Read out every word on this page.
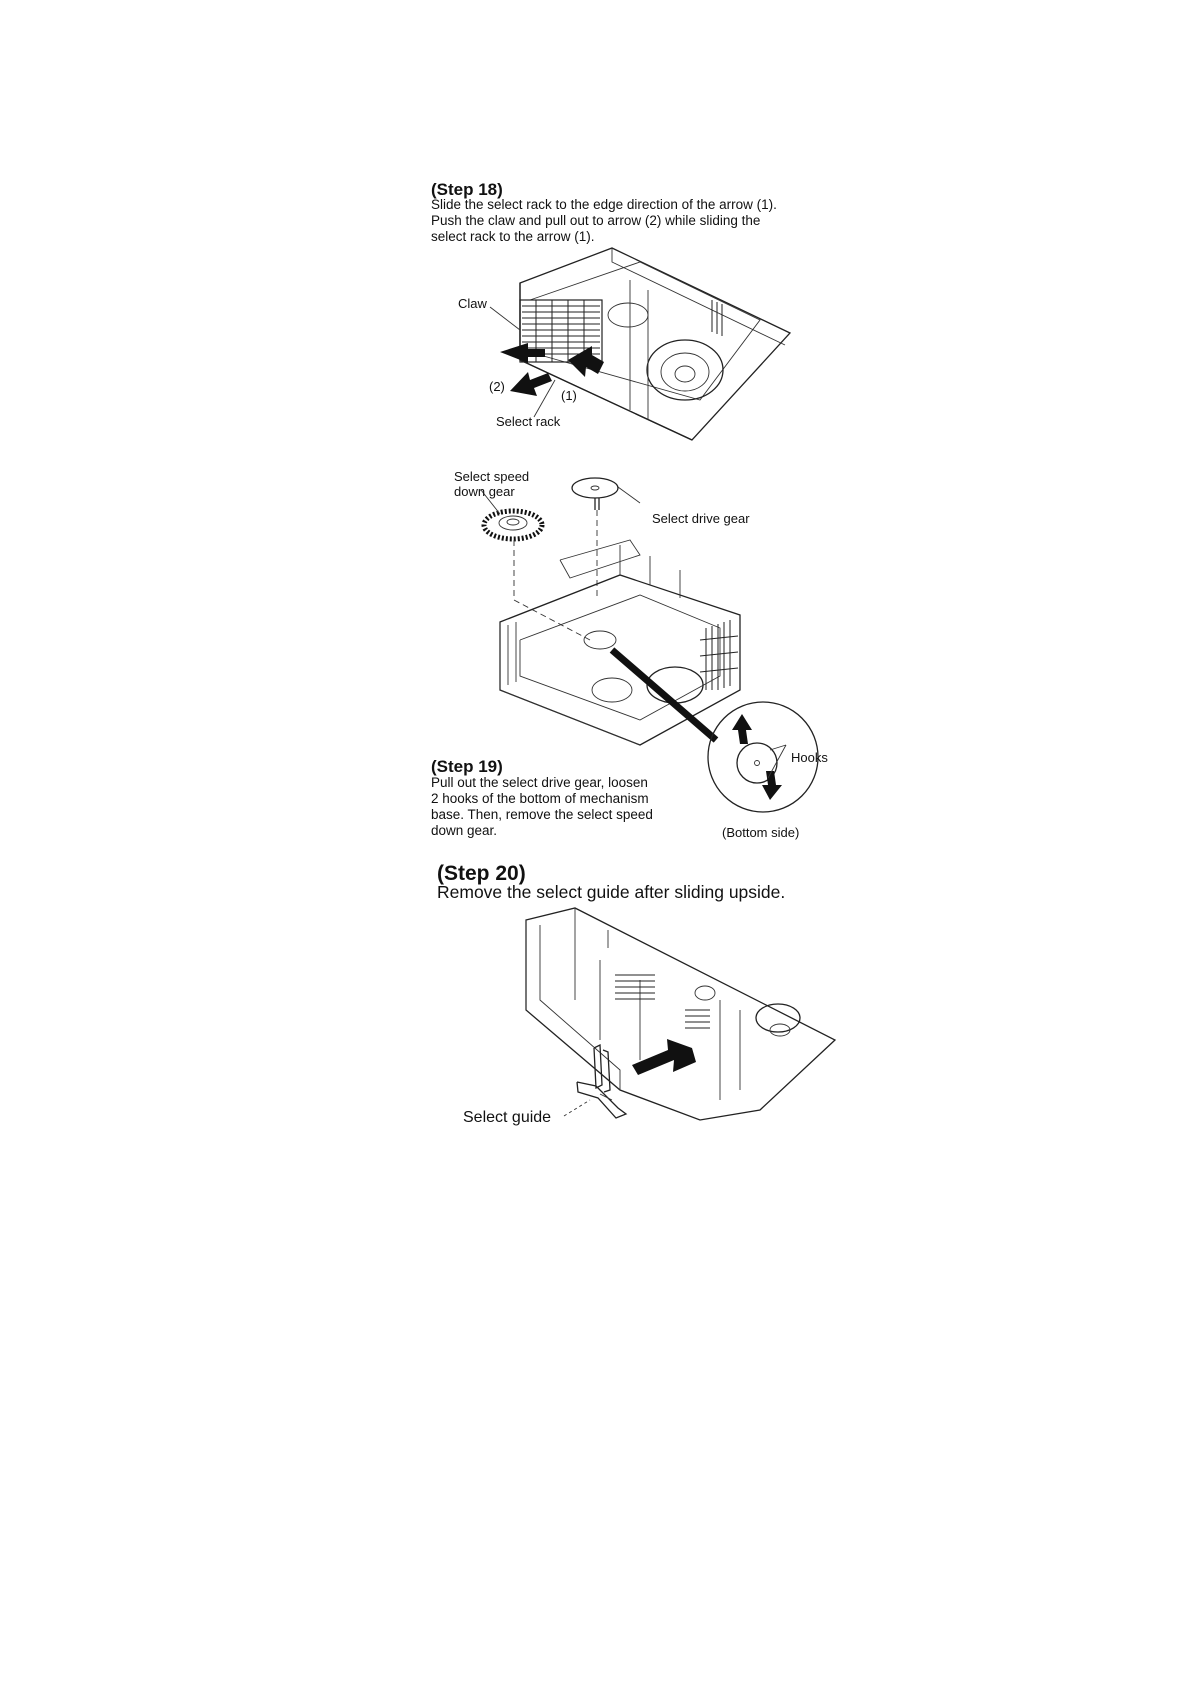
(Step 18)
Slide the select rack to the edge direction of the arrow (1).
Push the claw and pull out to arrow (2) while sliding the
select rack to the arrow (1).
Claw
(2)
(1)
Select rack
Select speed
down gear
Select drive gear
Hooks
(Bottom side)
(Step 19)
Pull out the select drive gear, loosen
2 hooks of the bottom of mechanism
base. Then, remove the select speed
down gear.
(Step 20)
Remove the select guide after sliding upside.
Select guide
